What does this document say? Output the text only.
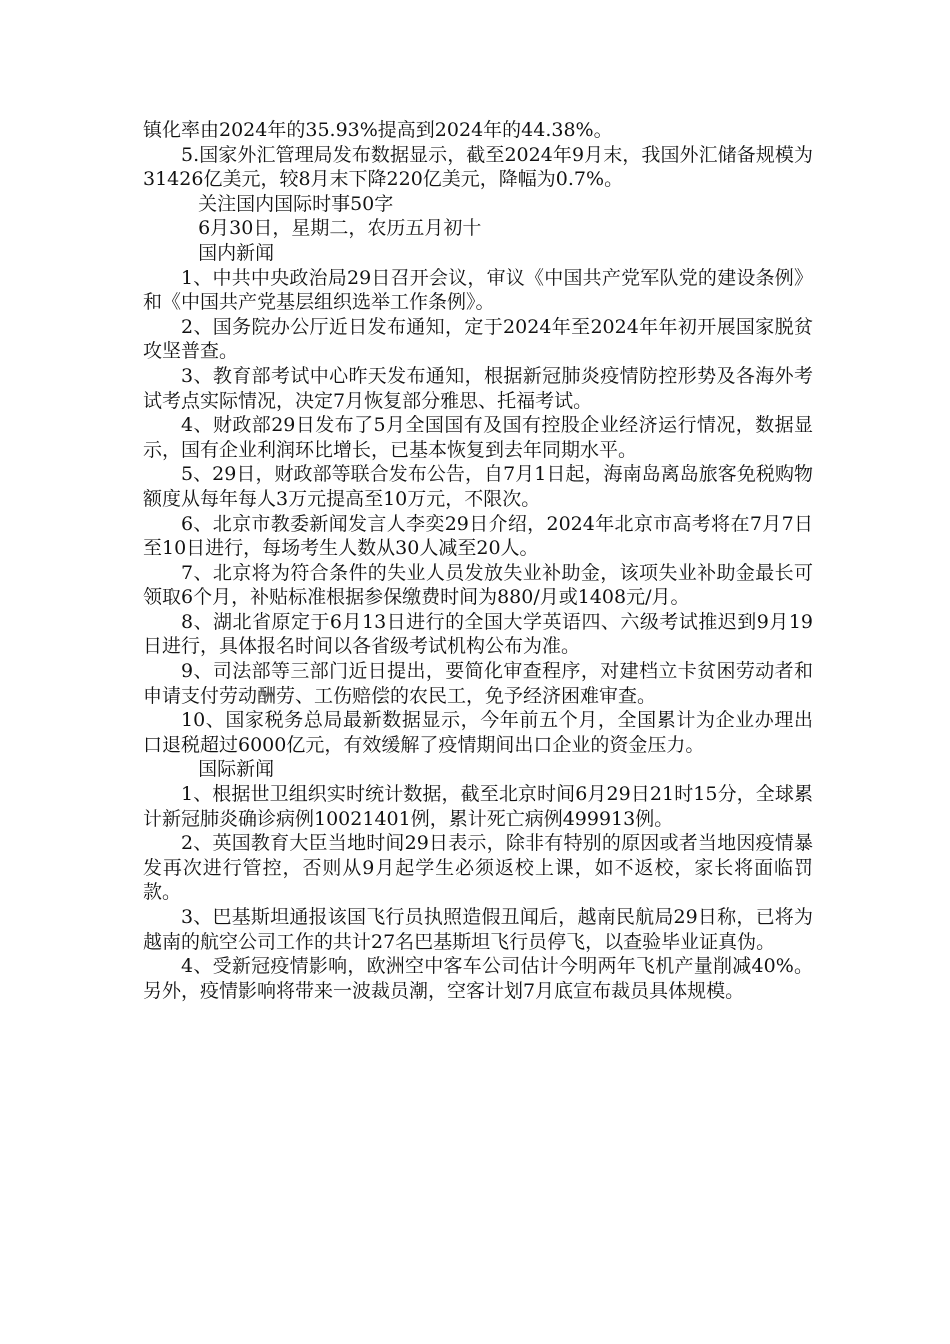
镇化率由2024年的35.93%提高到2024年的44.38%。

5.国家外汇管理局发布数据显示，截至2024年9月末，我国外汇储备规模为31426亿美元，较8月末下降220亿美元，降幅为0.7%。

关注国内国际时事50字

6月30日，星期二，农历五月初十

国内新闻

1、中共中央政治局29日召开会议，审议《中国共产党军队党的建设条例》和《中国共产党基层组织选举工作条例》。

2、国务院办公厅近日发布通知，定于2024年至2024年年初开展国家脱贫攻坚普查。

3、教育部考试中心昨天发布通知，根据新冠肺炎疫情防控形势及各海外考试考点实际情况，决定7月恢复部分雅思、托福考试。

4、财政部29日发布了5月全国国有及国有控股企业经济运行情况，数据显示，国有企业利润环比增长，已基本恢复到去年同期水平。

5、29日，财政部等联合发布公告，自7月1日起，海南岛离岛旅客免税购物额度从每年每人3万元提高至10万元，不限次。

6、北京市教委新闻发言人李奕29日介绍，2024年北京市高考将在7月7日至10日进行，每场考生人数从30人减至20人。

7、北京将为符合条件的失业人员发放失业补助金，该项失业补助金最长可领取6个月，补贴标准根据参保缴费时间为880/月或1408元/月。

8、湖北省原定于6月13日进行的全国大学英语四、六级考试推迟到9月19日进行，具体报名时间以各省级考试机构公布为准。

9、司法部等三部门近日提出，要简化审查程序，对建档立卡贫困劳动者和申请支付劳动酬劳、工伤赔偿的农民工，免予经济困难审查。

10、国家税务总局最新数据显示，今年前五个月，全国累计为企业办理出口退税超过6000亿元，有效缓解了疫情期间出口企业的资金压力。

国际新闻

1、根据世卫组织实时统计数据，截至北京时间6月29日21时15分，全球累计新冠肺炎确诊病例10021401例，累计死亡病例499913例。

2、英国教育大臣当地时间29日表示，除非有特别的原因或者当地因疫情暴发再次进行管控，否则从9月起学生必须返校上课，如不返校，家长将面临罚款。

3、巴基斯坦通报该国飞行员执照造假丑闻后，越南民航局29日称，已将为越南的航空公司工作的共计27名巴基斯坦飞行员停飞，以查验毕业证真伪。

4、受新冠疫情影响，欧洲空中客车公司估计今明两年飞机产量削减40%。另外，疫情影响将带来一波裁员潮，空客计划7月底宣布裁员具体规模。
